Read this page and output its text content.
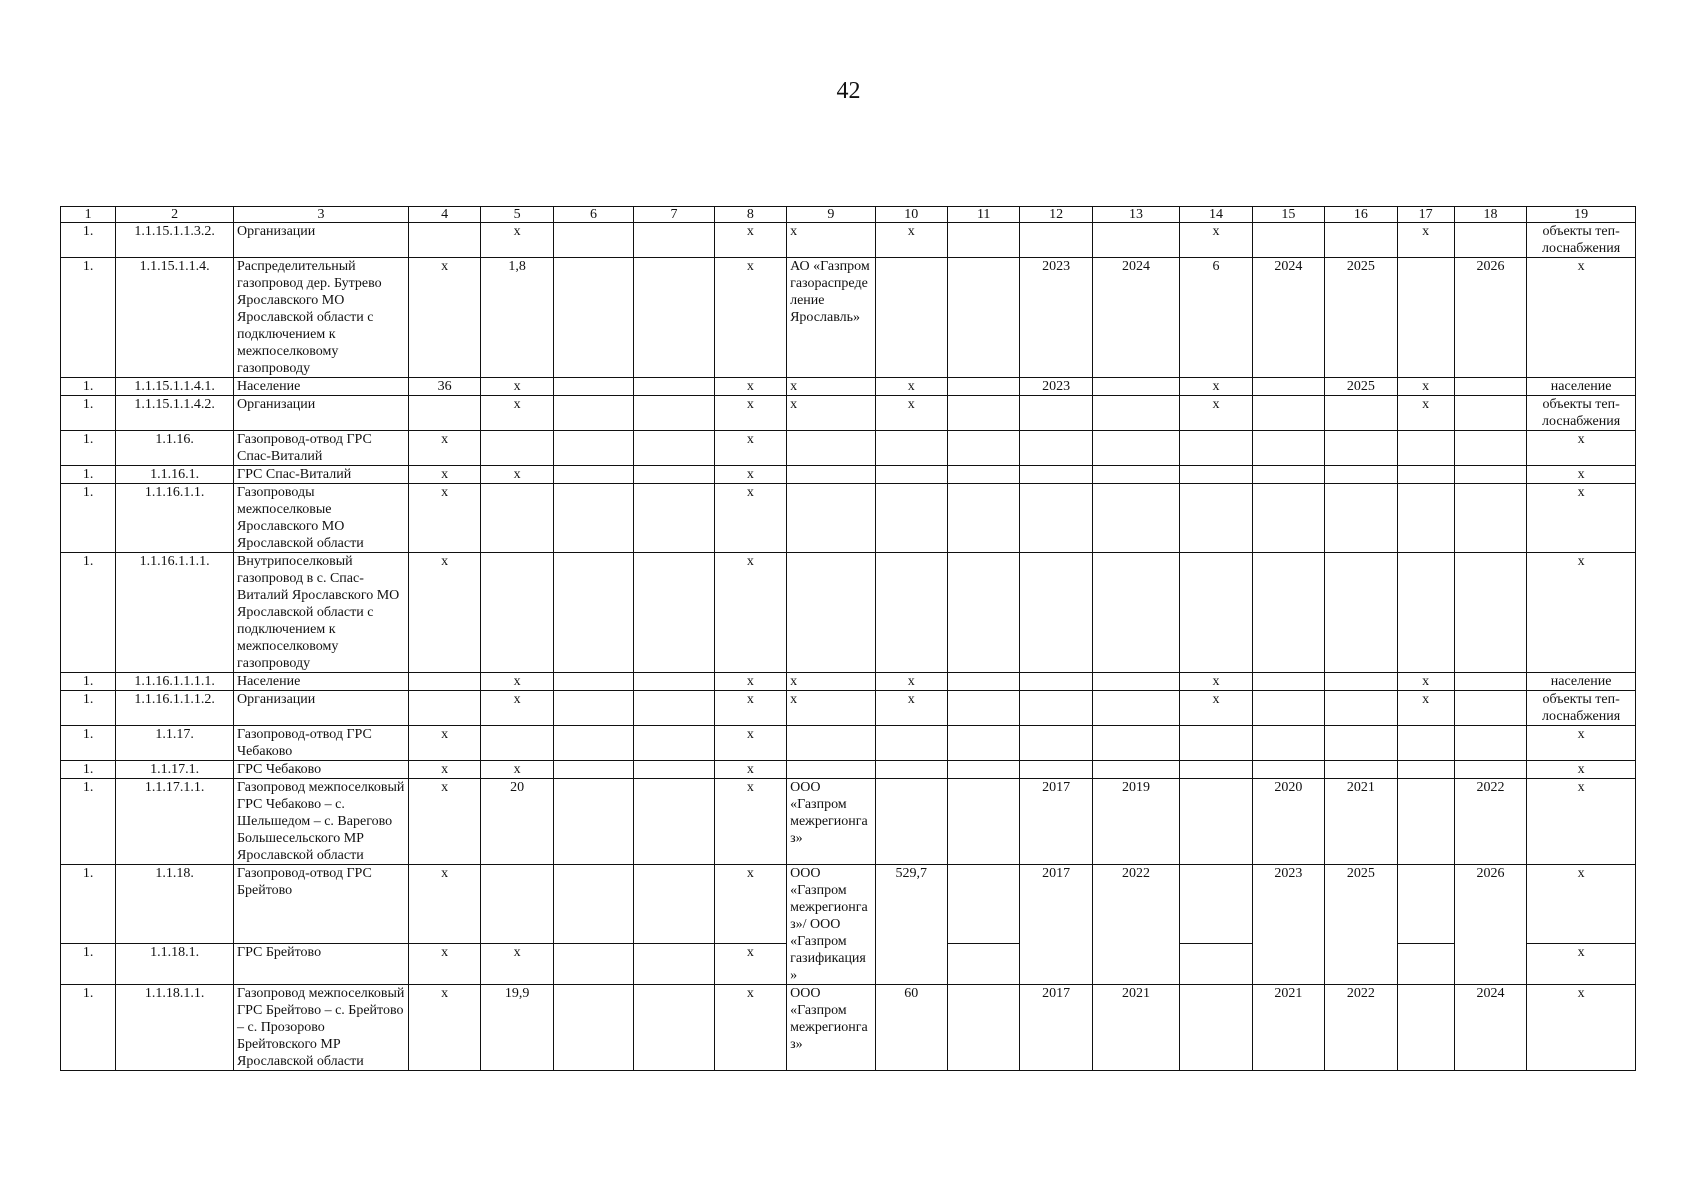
42
1	2	3	4	5	6	7	8	9	10	11	12	13	14	15	16	17	18	19
1.	1.1.15.1.1.3.2.	Организации		х			х	х	х				х			х		объекты теп-лоснабжения
1.	1.1.15.1.1.4.	Распределительный газопровод дер. Бутрево Ярославского МО Ярославской области с подключением к межпоселковому газопроводу	х	1,8			х	АО «Газпром газораспределение Ярославль»			2023	2024	6	2024	2025		2026	х
1.	1.1.15.1.1.4.1.	Население	36	х			х	х	х		2023		х		2025	х		население
1.	1.1.15.1.1.4.2.	Организации		х			х	х	х				х			х		объекты теп-лоснабжения
1.	1.1.16.	Газопровод-отвод ГРС Спас-Виталий	х				х											х
1.	1.1.16.1.	ГРС Спас-Виталий	х	х			х											х
1.	1.1.16.1.1.	Газопроводы межпоселковые Ярославского МО Ярославской области	х				х											х
1.	1.1.16.1.1.1.	Внутрипоселковый газопровод в с. Спас-Виталий Ярославского МО Ярославской области с подключением к межпоселковому газопроводу	х				х											х
1.	1.1.16.1.1.1.1.	Население		х			х	х	х				х			х		население
1.	1.1.16.1.1.1.2.	Организации		х			х	х	х				х			х		объекты теп-лоснабжения
1.	1.1.17.	Газопровод-отвод ГРС Чебаково	х				х											х
1.	1.1.17.1.	ГРС Чебаково	х	х			х											х
1.	1.1.17.1.1.	Газопровод межпоселковый ГРС Чебаково – с. Шельшедом – с. Варегово Большесельского МР Ярославской области	х	20			х	ООО «Газпром межрегионгаз»			2017	2019		2020	2021		2022	х
1.	1.1.18.	Газопровод-отвод ГРС Брейтово	х				х	ООО «Газпром межрегионгаз»/ ООО «Газпром газификация»	529,7		2017	2022		2023	2025		2026	х
1.	1.1.18.1.	ГРС Брейтово	х	х			х											х
1.	1.1.18.1.1.	Газопровод межпоселковый ГРС Брейтово – с. Брейтово – с. Прозорово Брейтовского МР Ярославской области	х	19,9			х	ООО «Газпром межрегионгаз»	60		2017	2021		2021	2022		2024	х
